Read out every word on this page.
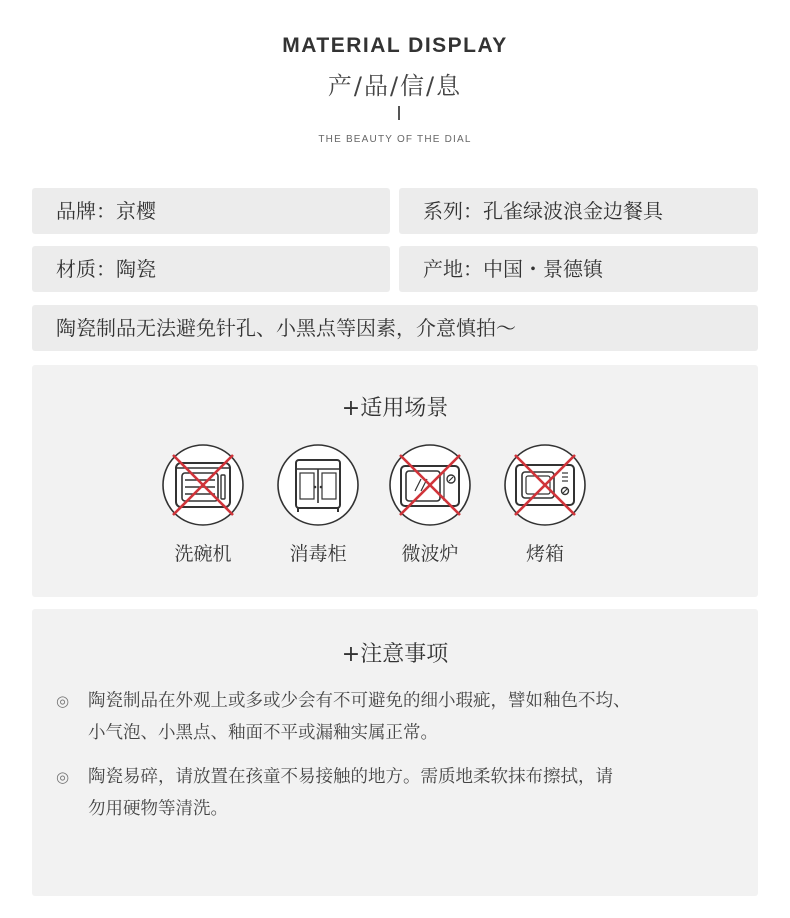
MATERIAL DISPLAY
产/品/信/息
THE BEAUTY OF THE DIAL
品牌：京樱	系列：孔雀绿波浪金边餐具
材质：陶瓷	产地：中国・景德镇
陶瓷制品无法避免针孔、小黑点等因素，介意慎拍～
+适用场景
洗碗机	消毒柜	微波炉	烤箱
+注意事项
◎ 陶瓷制品在外观上或多或少会有不可避免的细小瑕疵，譬如釉色不均、
小气泡、小黑点、釉面不平或漏釉实属正常。
◎ 陶瓷易碎，请放置在孩童不易接触的地方。需质地柔软抹布擦拭，请
勿用硬物等清洗。
